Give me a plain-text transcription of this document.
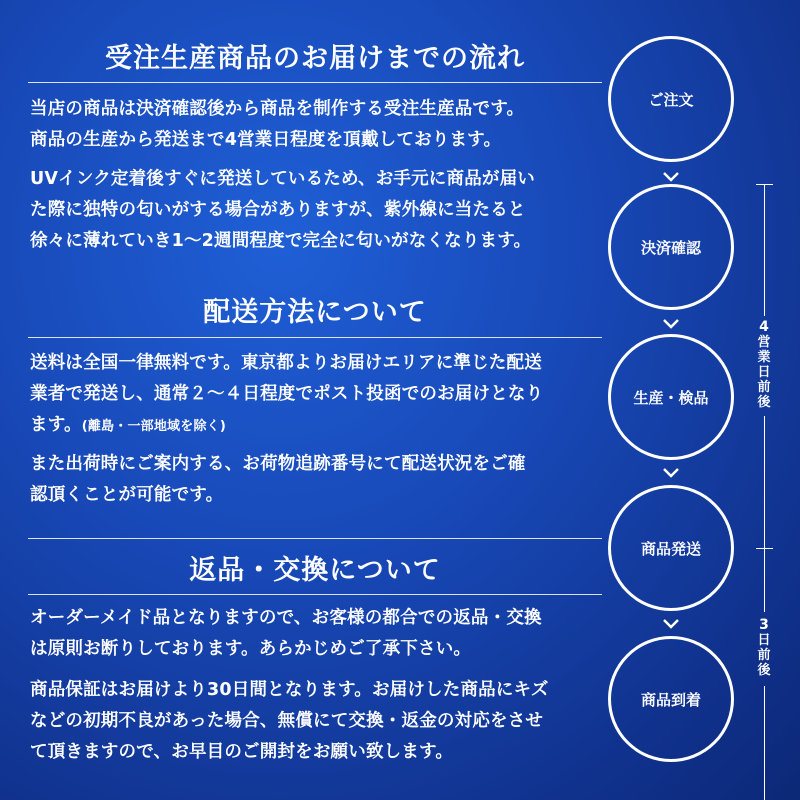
受注生産商品のお届けまでの流れ
当店の商品は決済確認後から商品を制作する受注生産品です。
商品の生産から発送まで4営業日程度を頂戴しております。
UVインク定着後すぐに発送しているため、お手元に商品が届い
た際に独特の匂いがする場合がありますが、紫外線に当たると
徐々に薄れていき1〜2週間程度で完全に匂いがなくなります。
配送方法について
送料は全国一律無料です。東京都よりお届けエリアに準じた配送
業者で発送し、通常２〜４日程度でポスト投函でのお届けとなり
ます。(離島・一部地域を除く)
また出荷時にご案内する、お荷物追跡番号にて配送状況をご確
認頂くことが可能です。
返品・交換について
オーダーメイド品となりますので、お客様の都合での返品・交換
は原則お断りしております。あらかじめご了承下さい。
商品保証はお届けより30日間となります。お届けした商品にキズ
などの初期不良があった場合、無償にて交換・返金の対応をさせ
て頂きますので、お早目のご開封をお願い致します。
ご注文
決済確認
生産・検品
商品発送
商品到着
4
営
業
日
前
後
3
日
前
後
